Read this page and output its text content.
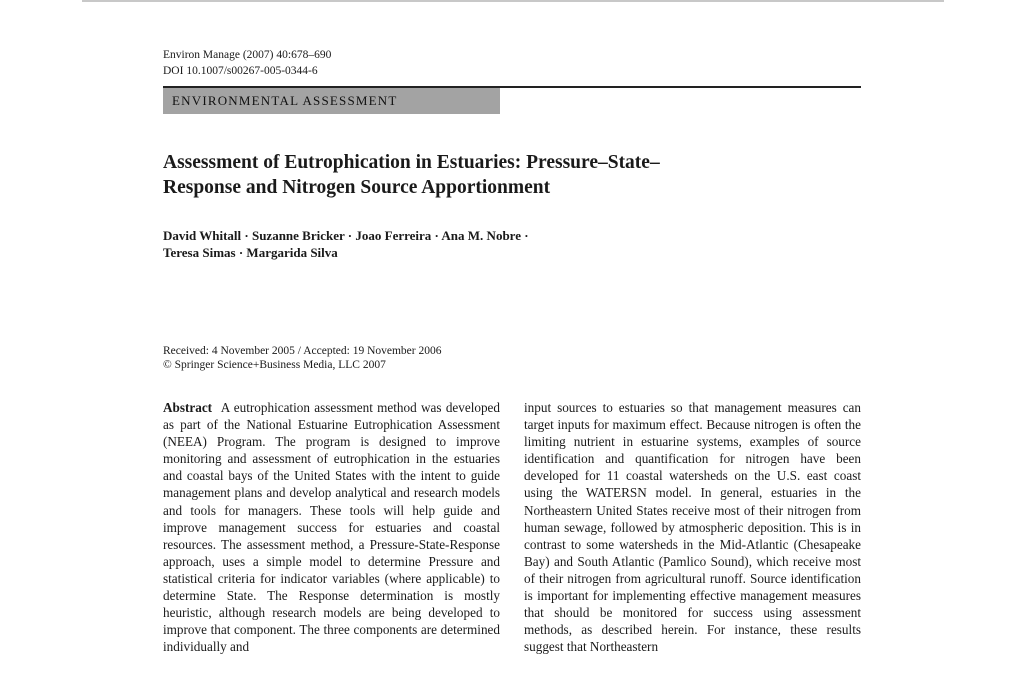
Environ Manage (2007) 40:678–690
DOI 10.1007/s00267-005-0344-6
ENVIRONMENTAL ASSESSMENT
Assessment of Eutrophication in Estuaries: Pressure–State–
Response and Nitrogen Source Apportionment
David Whitall · Suzanne Bricker · Joao Ferreira · Ana M. Nobre ·
Teresa Simas · Margarida Silva
Received: 4 November 2005 / Accepted: 19 November 2006
© Springer Science+Business Media, LLC 2007

Abstract A eutrophication assessment method was developed as part of the National Estuarine Eutrophication Assessment (NEEA) Program. The program is designed to improve monitoring and assessment of eutrophication in the estuaries and coastal bays of the United States with the intent to guide management plans and develop analytical and research models and tools for managers. These tools will help guide and improve management success for estuaries and coastal resources. The assessment method, a Pressure-State-Response approach, uses a simple model to determine Pressure and statistical criteria for indicator variables (where applicable) to determine State. The Response determination is mostly heuristic, although research models are being developed to improve that component. The three components are determined individually and

input sources to estuaries so that management measures can target inputs for maximum effect. Because nitrogen is often the limiting nutrient in estuarine systems, examples of source identification and quantification for nitrogen have been developed for 11 coastal watersheds on the U.S. east coast using the WATERSN model. In general, estuaries in the Northeastern United States receive most of their nitrogen from human sewage, followed by atmospheric deposition. This is in contrast to some watersheds in the Mid-Atlantic (Chesapeake Bay) and South Atlantic (Pamlico Sound), which receive most of their nitrogen from agricultural runoff. Source identification is important for implementing effective management measures that should be monitored for success using assessment methods, as described herein. For instance, these results suggest that Northeastern
